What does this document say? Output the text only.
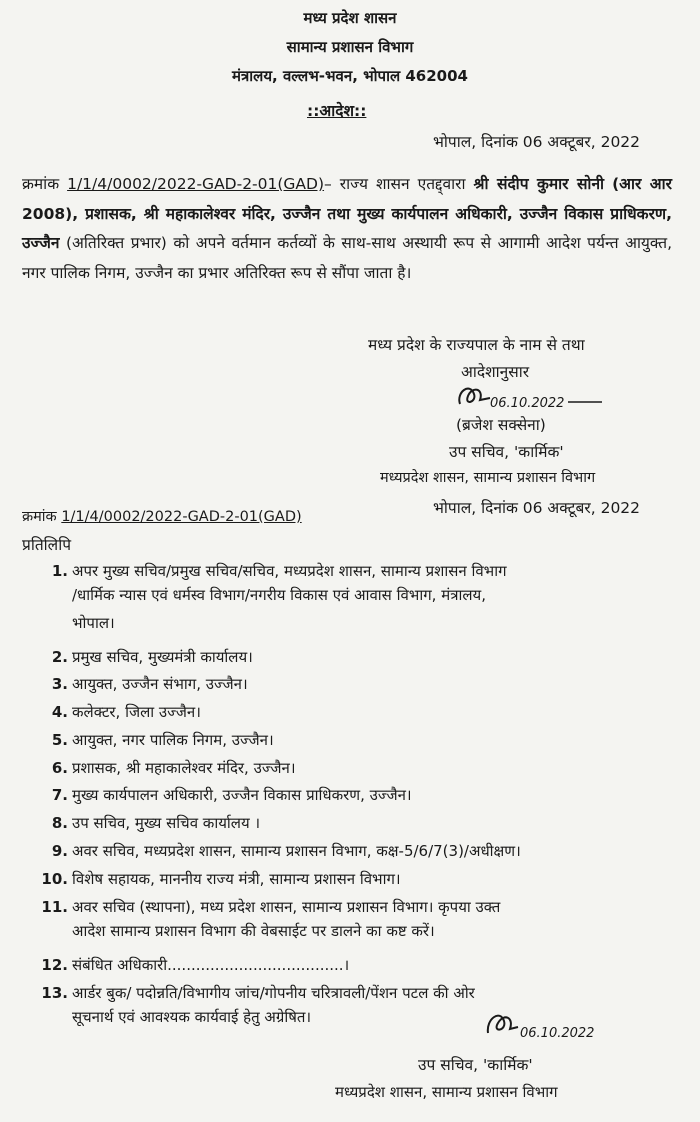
मध्य प्रदेश शासन
सामान्य प्रशासन विभाग
मंत्रालय, वल्लभ-भवन, भोपाल 462004
::आदेश::
भोपाल, दिनांक 06 अक्टूबर, 2022
क्रमांक 1/1/4/0002/2022-GAD-2-01(GAD)– राज्य शासन एतद्द्वारा श्री संदीप कुमार सोनी (आर आर 2008), प्रशासक, श्री महाकालेश्वर मंदिर, उज्जैन तथा मुख्य कार्यपालन अधिकारी, उज्जैन विकास प्राधिकरण, उज्जैन (अतिरिक्त प्रभार) को अपने वर्तमान कर्तव्यों के साथ-साथ अस्थायी रूप से आगामी आदेश पर्यन्त आयुक्त, नगर पालिक निगम, उज्जैन का प्रभार अतिरिक्त रूप से सौंपा जाता है।
मध्य प्रदेश के राज्यपाल के नाम से तथा
आदेशानुसार
06.10.2022
(ब्रजेश सक्सेना)
उप सचिव, 'कार्मिक'
मध्यप्रदेश शासन, सामान्य प्रशासन विभाग
क्रमांक 1/1/4/0002/2022-GAD-2-01(GAD)	भोपाल, दिनांक 06 अक्टूबर, 2022
प्रतिलिपि
1. अपर मुख्य सचिव/प्रमुख सचिव/सचिव, मध्यप्रदेश शासन, सामान्य प्रशासन विभाग
/धार्मिक न्यास एवं धर्मस्व विभाग/नगरीय विकास एवं आवास विभाग, मंत्रालय,
भोपाल।
2. प्रमुख सचिव, मुख्यमंत्री कार्यालय।
3. आयुक्त, उज्जैन संभाग, उज्जैन।
4. कलेक्टर, जिला उज्जैन।
5. आयुक्त, नगर पालिक निगम, उज्जैन।
6. प्रशासक, श्री महाकालेश्वर मंदिर, उज्जैन।
7. मुख्य कार्यपालन अधिकारी, उज्जैन विकास प्राधिकरण, उज्जैन।
8. उप सचिव, मुख्य सचिव कार्यालय ।
9. अवर सचिव, मध्यप्रदेश शासन, सामान्य प्रशासन विभाग, कक्ष-5/6/7(3)/अधीक्षण।
10. विशेष सहायक, माननीय राज्य मंत्री, सामान्य प्रशासन विभाग।
11. अवर सचिव (स्थापना), मध्य प्रदेश शासन, सामान्य प्रशासन विभाग। कृपया उक्त
आदेश सामान्य प्रशासन विभाग की वेबसाईट पर डालने का कष्ट करें।
12. संबंधित अधिकारी.....................................।
13. आर्डर बुक/ पदोन्नति/विभागीय जांच/गोपनीय चरित्रावली/पेंशन पटल की ओर
सूचनार्थ एवं आवश्यक कार्यवाई हेतु अग्रेषित।
06.10.2022
उप सचिव, 'कार्मिक'
मध्यप्रदेश शासन, सामान्य प्रशासन विभाग
